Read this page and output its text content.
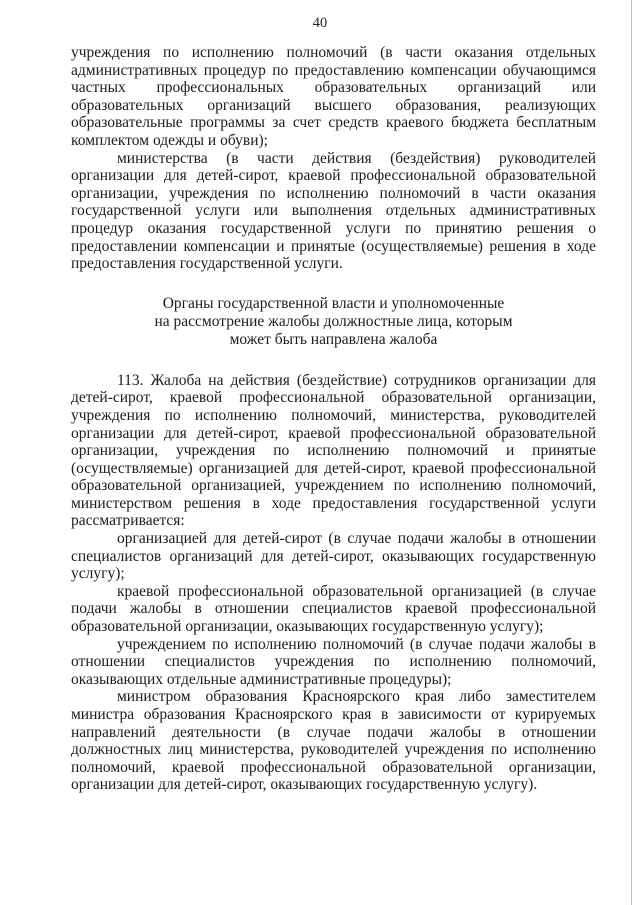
40

учреждения по исполнению полномочий (в части оказания отдельных административных процедур по предоставлению компенсации обучающимся частных профессиональных образовательных организаций или образовательных организаций высшего образования, реализующих образовательные программы за счет средств краевого бюджета бесплатным комплектом одежды и обуви);

министерства (в части действия (бездействия) руководителей организации для детей-сирот, краевой профессиональной образовательной организации, учреждения по исполнению полномочий в части оказания государственной услуги или выполнения отдельных административных процедур оказания государственной услуги по принятию решения о предоставлении компенсации и принятые (осуществляемые) решения в ходе предоставления государственной услуги.

Органы государственной власти и уполномоченные
на рассмотрение жалобы должностные лица, которым
может быть направлена жалоба

113. Жалоба на действия (бездействие) сотрудников организации для детей-сирот, краевой профессиональной образовательной организации, учреждения по исполнению полномочий, министерства, руководителей организации для детей-сирот, краевой профессиональной образовательной организации, учреждения по исполнению полномочий и принятые (осуществляемые) организацией для детей-сирот, краевой профессиональной образовательной организацией, учреждением по исполнению полномочий, министерством решения в ходе предоставления государственной услуги рассматривается:

организацией для детей-сирот (в случае подачи жалобы в отношении специалистов организаций для детей-сирот, оказывающих государственную услугу);

краевой профессиональной образовательной организацией (в случае подачи жалобы в отношении специалистов краевой профессиональной образовательной организации, оказывающих государственную услугу);

учреждением по исполнению полномочий (в случае подачи жалобы в отношении специалистов учреждения по исполнению полномочий, оказывающих отдельные административные процедуры);

министром образования Красноярского края либо заместителем министра образования Красноярского края в зависимости от курируемых направлений деятельности (в случае подачи жалобы в отношении должностных лиц министерства, руководителей учреждения по исполнению полномочий, краевой профессиональной образовательной организации, организации для детей-сирот, оказывающих государственную услугу).
